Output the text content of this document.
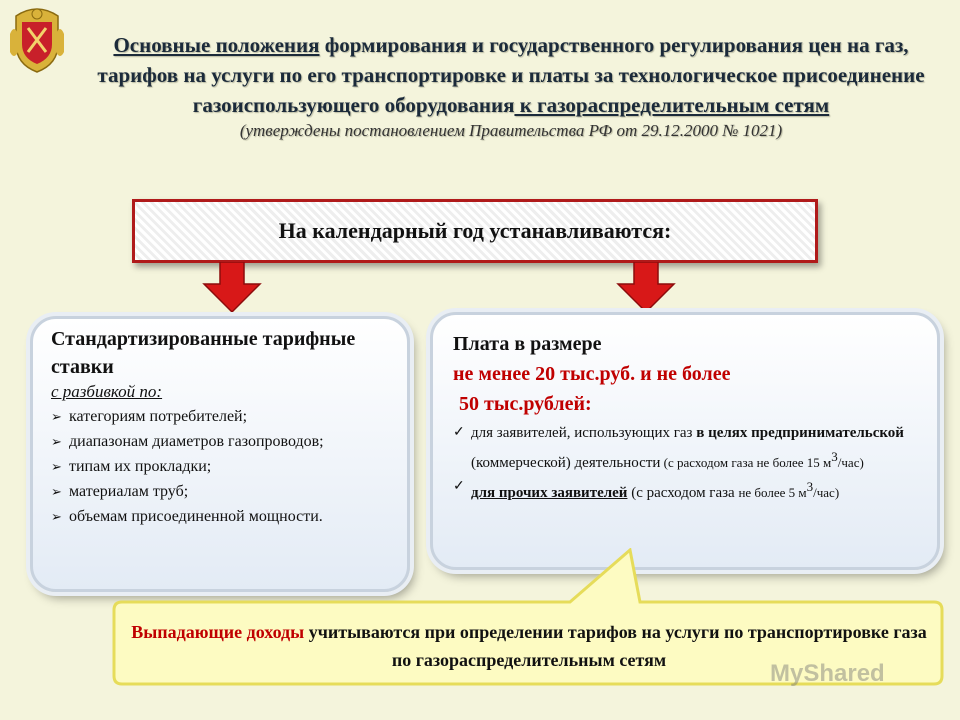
Основные положения формирования и государственного регулирования цен на газ, тарифов на услуги по его транспортировке и платы за технологическое присоединение газоиспользующего оборудования к газораспределительным сетям
(утверждены постановлением Правительства РФ от 29.12.2000 № 1021)
На календарный год устанавливаются:
Стандартизированные тарифные ставки
с разбивкой по:
➢ категориям потребителей;
➢ диапазонам диаметров газопроводов;
➢ типам их прокладки;
➢ материалам труб;
➢ объемам присоединенной мощности.
Плата в размере
не менее 20 тыс.руб. и не более
50 тыс.рублей:
✓ для заявителей, использующих газ в целях предпринимательской (коммерческой) деятельности (с расходом газа не более 15 $м^3/час$)
✓ для прочих заявителей (с расходом газа не более 5 $м^3/час$)
Выпадающие доходы учитываются при определении тарифов на услуги по транспортировке газа по газораспределительным сетям	MyShared
